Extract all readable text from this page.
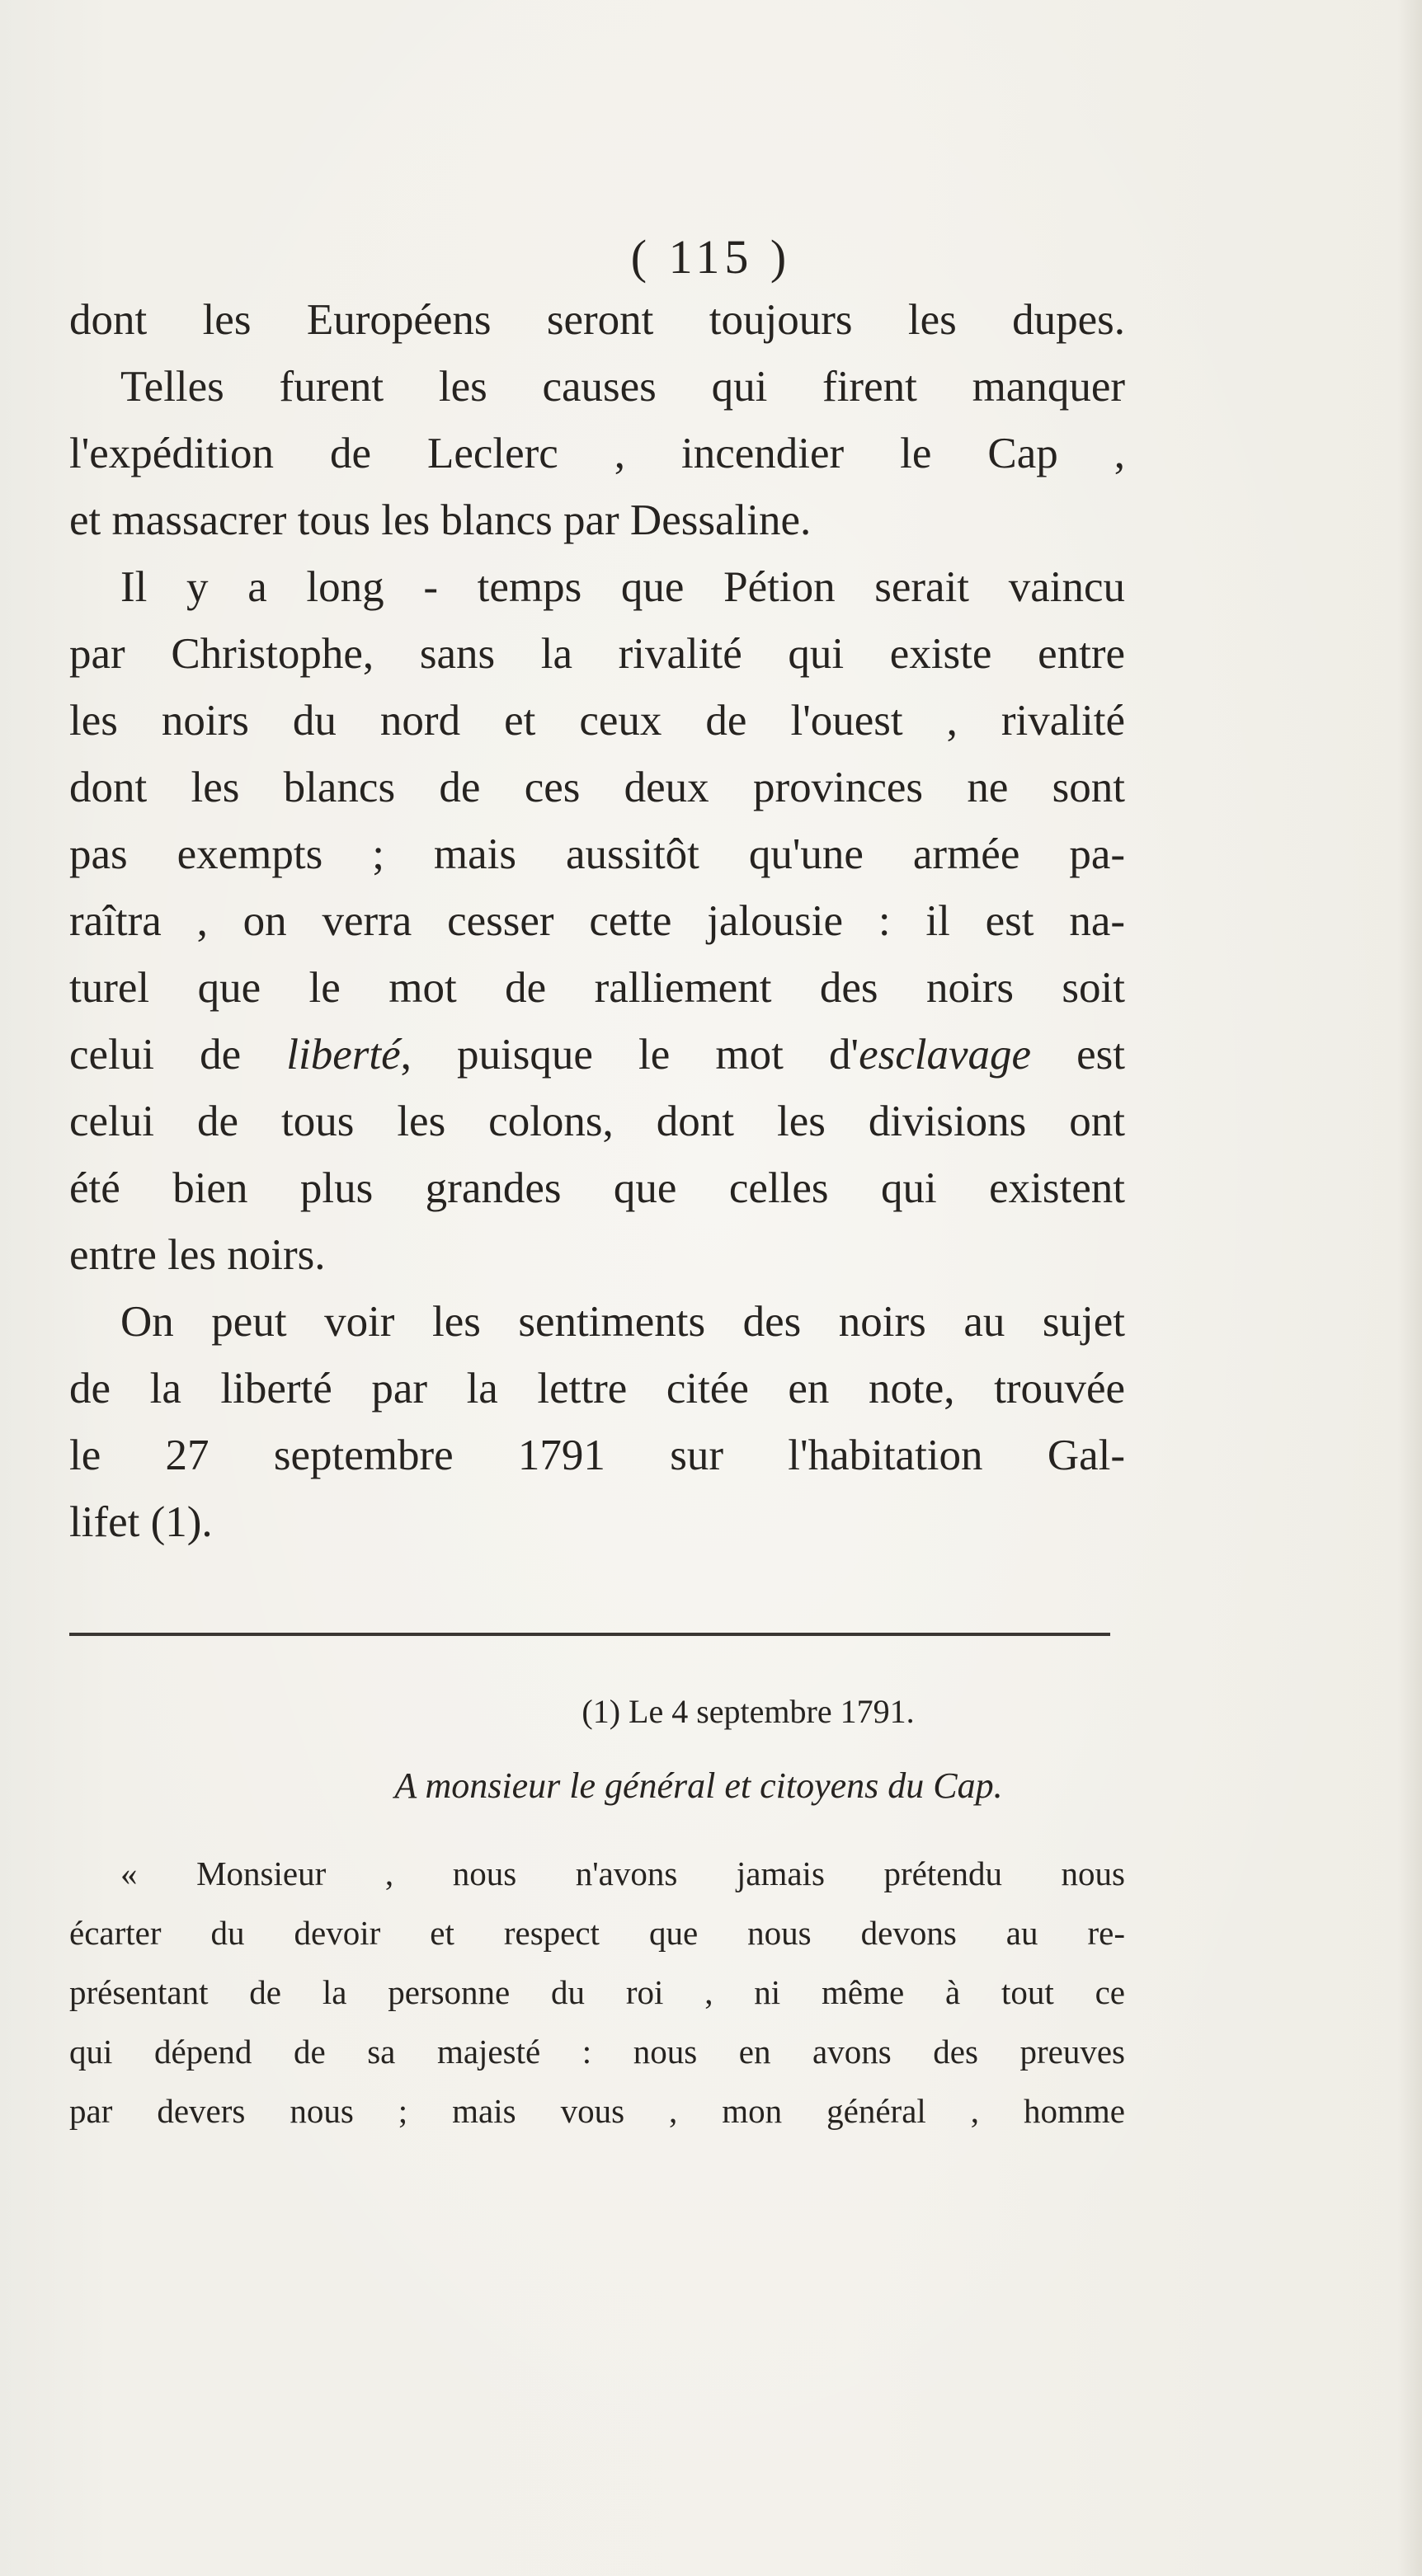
( 115 )
dont les Européens seront toujours les dupes.
Telles furent les causes qui firent manquer
l'expédition de Leclerc , incendier le Cap ,
et massacrer tous les blancs par Dessaline.
Il y a long - temps que Pétion serait vaincu
par Christophe, sans la rivalité qui existe entre
les noirs du nord et ceux de l'ouest , rivalité
dont les blancs de ces deux provinces ne sont
pas exempts ; mais aussitôt qu'une armée pa-
raîtra , on verra cesser cette jalousie : il est na-
turel que le mot de ralliement des noirs soit
celui de liberté, puisque le mot d'esclavage est
celui de tous les colons, dont les divisions ont
été bien plus grandes que celles qui existent
entre les noirs.
On peut voir les sentiments des noirs au sujet
de la liberté par la lettre citée en note, trouvée
le 27 septembre 1791 sur l'habitation Gal-
lifet (1).
(1) Le 4 septembre 1791.
A monsieur le général et citoyens du Cap.
« Monsieur , nous n'avons jamais prétendu nous
écarter du devoir et respect que nous devons au re-
présentant de la personne du roi , ni même à tout ce
qui dépend de sa majesté : nous en avons des preuves
par devers nous ; mais vous , mon général , homme
